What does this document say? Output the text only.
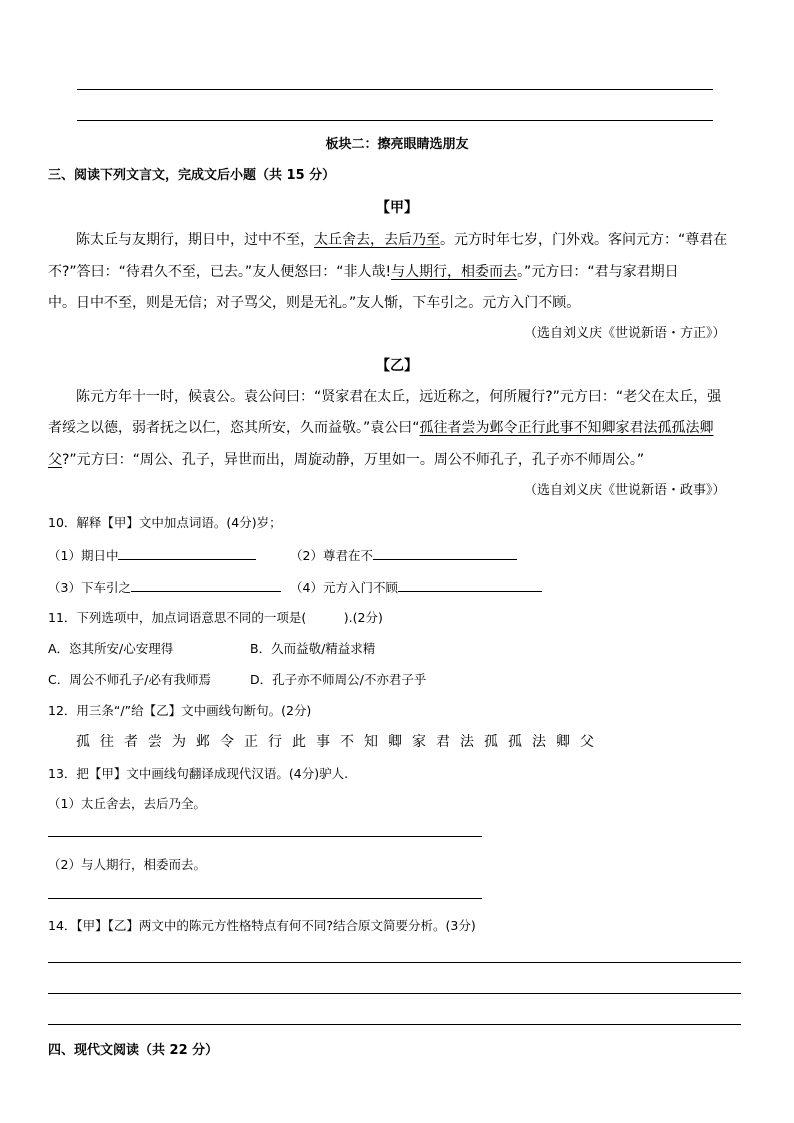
板块二：擦亮眼睛选朋友
三、阅读下列文言文，完成文后小题（共 15 分）
【甲】
陈太丘与友期行，期日中，过中不至，太丘舍去，去后乃至。元方时年七岁，门外戏。客问元方：“尊君在
不?”答曰：“待君久不至，已去。”友人便怒曰：“非人哉!与人期行，相委而去。”元方曰：“君与家君期日
中。日中不至，则是无信；对子骂父，则是无礼。”友人惭，下车引之。元方入门不顾。
（选自刘义庆《世说新语・方正》）
【乙】
陈元方年十一时，候袁公。袁公问曰：“贤家君在太丘，远近称之，何所履行?”元方曰：“老父在太丘，强
者绥之以德，弱者抚之以仁，恣其所安，久而益敬。”袁公曰“孤往者尝为邺令正行此事不知卿家君法孤孤法卿
父?”元方曰：“周公、孔子，异世而出，周旋动静，万里如一。周公不师孔子，孔子亦不师周公。”
（选自刘义庆《世说新语・政事》）
10．解释【甲】文中加点词语。(4分)岁；
（1）期日中	（2）尊君在不
（3）下车引之	（4）元方入门不顾
11．下列选项中，加点词语意思不同的一项是(　　　).(2分)
A．恣其所安/心安理得	B．久而益敬/精益求精
C．周公不师孔子/必有我师焉	D．孔子亦不师周公/不亦君子乎
12．用三条“/”给【乙】文中画线句断句。(2分)
孤 往 者 尝 为 邺 令 正 行 此 事 不 知 卿 家 君 法 孤 孤 法 卿 父
13．把【甲】文中画线句翻译成现代汉语。(4分)驴人.
（1）太丘舍去，去后乃全。
（2）与人期行，相委而去。
14．【甲】【乙】两文中的陈元方性格特点有何不同?结合原文简要分析。(3分)
四、现代文阅读（共 22 分）
